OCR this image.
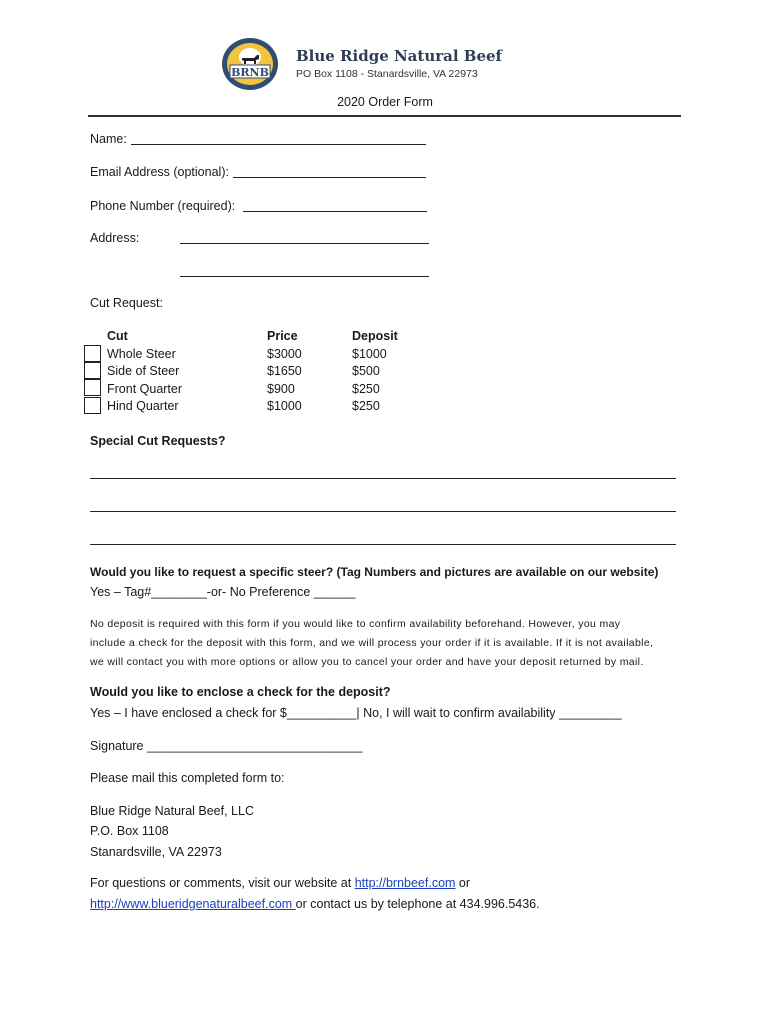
BRNB
Blue Ridge Natural Beef
PO Box 1108 - Stanardsville, VA 22973
2020 Order Form
Name:
Email Address (optional):
Phone Number (required):
Address:
Cut Request:
Cut	Price	Deposit
Whole Steer	$3000	$1000
Side of Steer	$1650	$500
Front Quarter	$900	$250
Hind Quarter	$1000	$250
Special Cut Requests?
Would you like to request a specific steer? (Tag Numbers and pictures are available on our website)
Yes – Tag#________-or- No Preference ______
No deposit is required with this form if you would like to confirm availability beforehand. However, you may
include a check for the deposit with this form, and we will process your order if it is available. If it is not available,
we will contact you with more options or allow you to cancel your order and have your deposit returned by mail.
Would you like to enclose a check for the deposit?
Yes – I have enclosed a check for $__________| No, I will wait to confirm availability _________
Signature _______________________________
Please mail this completed form to:
Blue Ridge Natural Beef, LLC
P.O. Box 1108
Stanardsville, VA 22973
For questions or comments, visit our website at http://brnbeef.com or
http://www.blueridgenaturalbeef.com or contact us by telephone at 434.996.5436.
